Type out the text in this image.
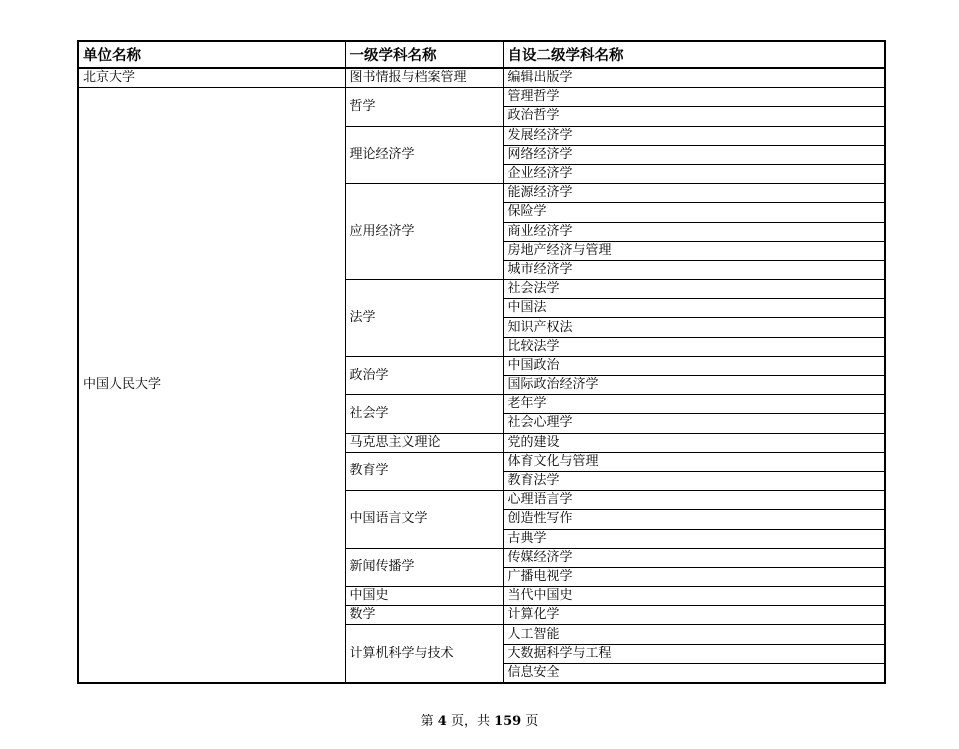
单位名称	一级学科名称	自设二级学科名称
北京大学	图书情报与档案管理	编辑出版学
中国人民大学	哲学	管理哲学
		政治哲学
	理论经济学	发展经济学
		网络经济学
		企业经济学
	应用经济学	能源经济学
		保险学
		商业经济学
		房地产经济与管理
		城市经济学
	法学	社会法学
		中国法
		知识产权法
		比较法学
	政治学	中国政治
		国际政治经济学
	社会学	老年学
		社会心理学
	马克思主义理论	党的建设
	教育学	体育文化与管理
		教育法学
	中国语言文学	心理语言学
		创造性写作
		古典学
	新闻传播学	传媒经济学
		广播电视学
	中国史	当代中国史
	数学	计算化学
	计算机科学与技术	人工智能
		大数据科学与工程
		信息安全
第 4 页，共 159 页
